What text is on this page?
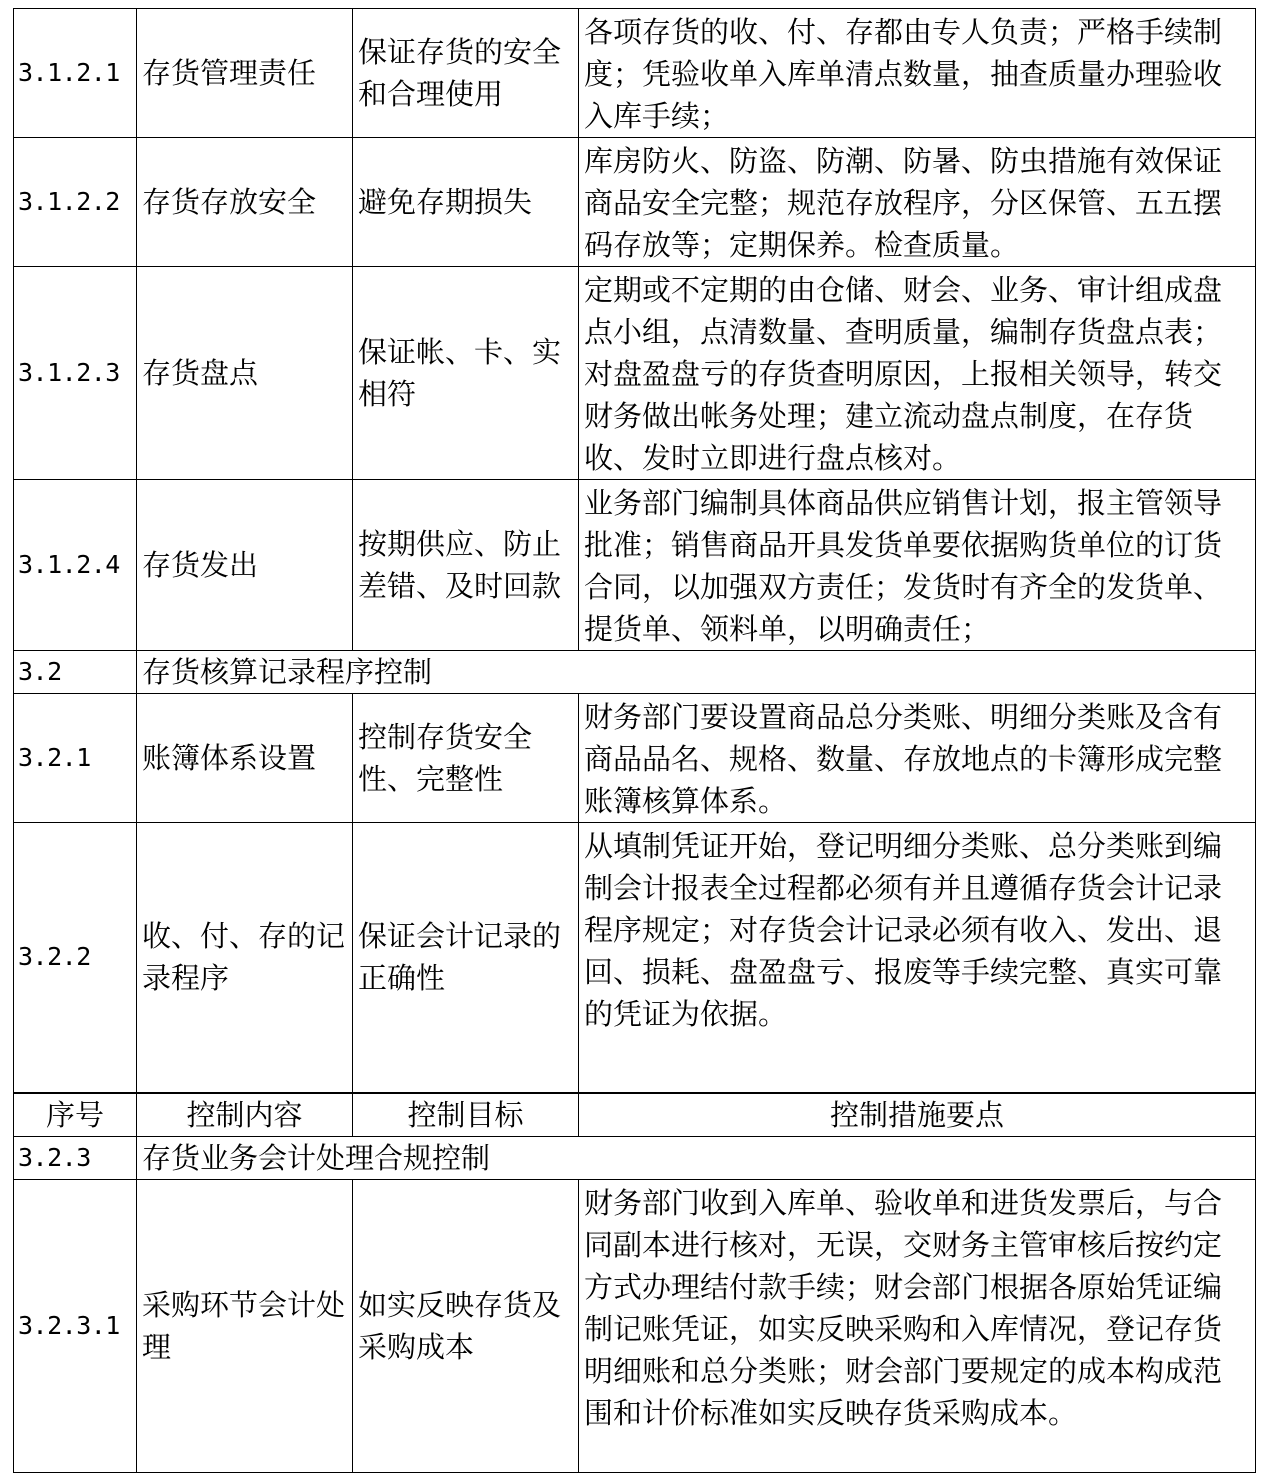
3.1.2.1	存货管理责任	保证存货的安全和合理使用	各项存货的收、付、存都由专人负责；严格手续制度；凭验收单入库单清点数量，抽查质量办理验收入库手续；
3.1.2.2	存货存放安全	避免存期损失	库房防火、防盗、防潮、防暑、防虫措施有效保证商品安全完整；规范存放程序，分区保管、五五摆码存放等；定期保养。检查质量。
3.1.2.3	存货盘点	保证帐、卡、实相符	定期或不定期的由仓储、财会、业务、审计组成盘点小组，点清数量、查明质量，编制存货盘点表；对盘盈盘亏的存货查明原因，上报相关领导，转交财务做出帐务处理；建立流动盘点制度，在存货收、发时立即进行盘点核对。
3.1.2.4	存货发出	按期供应、防止差错、及时回款	业务部门编制具体商品供应销售计划，报主管领导批准；销售商品开具发货单要依据购货单位的订货合同，以加强双方责任；发货时有齐全的发货单、提货单、领料单，以明确责任；
3.2	存货核算记录程序控制		
3.2.1	账簿体系设置	控制存货安全性、完整性	财务部门要设置商品总分类账、明细分类账及含有商品品名、规格、数量、存放地点的卡簿形成完整账簿核算体系。
3.2.2	收、付、存的记录程序	保证会计记录的正确性	从填制凭证开始，登记明细分类账、总分类账到编制会计报表全过程都必须有并且遵循存货会计记录程序规定；对存货会计记录必须有收入、发出、退回、损耗、盘盈盘亏、报废等手续完整、真实可靠的凭证为依据。
序号	控制内容	控制目标	控制措施要点
3.2.3	存货业务会计处理合规控制		
3.2.3.1	采购环节会计处理	如实反映存货及采购成本	财务部门收到入库单、验收单和进货发票后，与合同副本进行核对，无误，交财务主管审核后按约定方式办理结付款手续；财会部门根据各原始凭证编制记账凭证，如实反映采购和入库情况，登记存货明细账和总分类账；财会部门要规定的成本构成范围和计价标准如实反映存货采购成本。
